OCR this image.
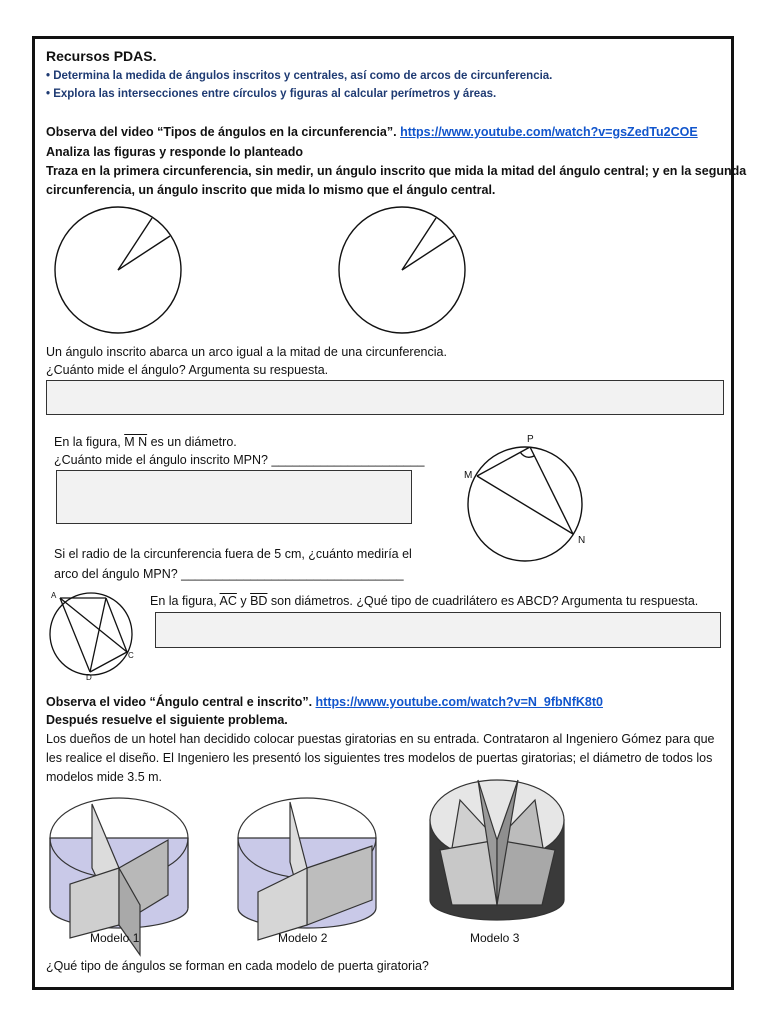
Recursos PDAS.
• Determina la medida de ángulos inscritos y centrales, así como de arcos de circunferencia.
• Explora las intersecciones entre círculos y figuras al calcular perímetros y áreas.
Observa del video “Tipos de ángulos en la circunferencia”. https://www.youtube.com/watch?v=gsZedTu2COE
Analiza las figuras y responde lo planteado
Traza en la primera circunferencia, sin medir, un ángulo inscrito que mida la mitad del ángulo central; y en la segunda
circunferencia, un ángulo inscrito que mida lo mismo que el ángulo central.
Un ángulo inscrito abarca un arco igual a la mitad de una circunferencia.
¿Cuánto mide el ángulo? Argumenta su respuesta.
En la figura, M N es un diámetro.
¿Cuánto mide el ángulo inscrito MPN? ______________________
P
M
N
Si el radio de la circunferencia fuera de 5 cm, ¿cuánto mediría el
arco del ángulo MPN? ________________________________
A
C
D
En la figura, $\overline{AC}$ y $\overline{BD}$ son diámetros. ¿Qué tipo de cuadrilátero es ABCD? Argumenta tu respuesta.
Observa el video “Ángulo central e inscrito”. https://www.youtube.com/watch?v=N_9fbNfK8t0
Después resuelve el siguiente problema.
Los dueños de un hotel han decidido colocar puestas giratorias en su entrada. Contrataron al Ingeniero Gómez para que
les realice el diseño. El Ingeniero les presentó los siguientes tres modelos de puertas giratorias; el diámetro de todos los
modelos mide 3.5 m.
Modelo 1	Modelo 2	Modelo 3
¿Qué tipo de ángulos se forman en cada modelo de puerta giratoria?
